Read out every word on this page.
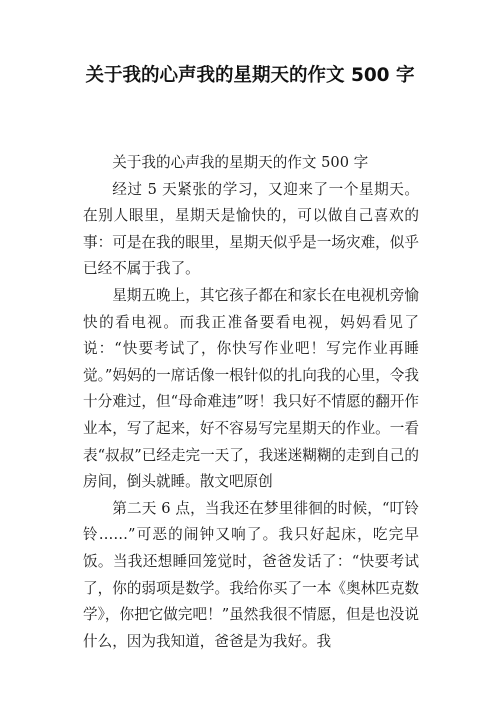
关于我的心声我的星期天的作文 500 字

关于我的心声我的星期天的作文 500 字

经过 5 天紧张的学习，又迎来了一个星期天。在别人眼里，星期天是愉快的，可以做自己喜欢的事：可是在我的眼里，星期天似乎是一场灾难，似乎已经不属于我了。

星期五晚上，其它孩子都在和家长在电视机旁愉快的看电视。而我正准备要看电视，妈妈看见了说：“快要考试了，你快写作业吧！写完作业再睡觉。”妈妈的一席话像一根针似的扎向我的心里，令我十分难过，但“母命难违”呀！我只好不情愿的翻开作业本，写了起来，好不容易写完星期天的作业。一看表“叔叔”已经走完一天了，我迷迷糊糊的走到自己的房间，倒头就睡。散文吧原创

第二天 6 点，当我还在梦里徘徊的时候，“叮铃铃……”可恶的闹钟又响了。我只好起床，吃完早饭。当我还想睡回笼觉时，爸爸发话了：“快要考试了，你的弱项是数学。我给你买了一本《奥林匹克数学》，你把它做完吧！”虽然我很不情愿，但是也没说什么，因为我知道，爸爸是为我好。我
